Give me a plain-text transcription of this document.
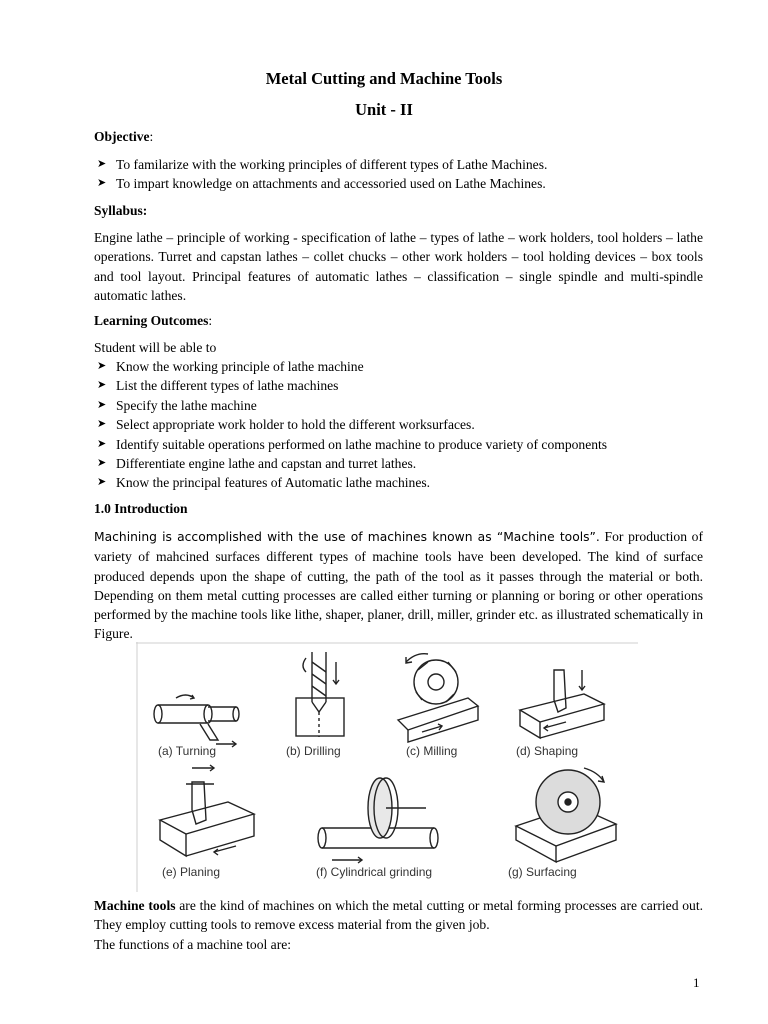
Metal Cutting and Machine Tools
Unit - II
Objective:
➤ To familarize with the working principles of different types of Lathe Machines.
➤ To impart knowledge on attachments and accessoried used on Lathe Machines.
Syllabus:
Engine lathe – principle of working - specification of lathe – types of lathe – work holders, tool holders – lathe operations. Turret and capstan lathes – collet chucks – other work holders – tool holding devices – box tools and tool layout. Principal features of automatic lathes – classification – single spindle and multi-spindle automatic lathes.
Learning Outcomes:
Student will be able to
➤ Know the working principle of lathe machine
➤ List the different types of lathe machines
➤ Specify the lathe machine
➤ Select appropriate work holder to hold the different worksurfaces.
➤ Identify suitable operations performed on lathe machine to produce variety of components
➤ Differentiate engine lathe and capstan and turret lathes.
➤ Know the principal features of Automatic lathe machines.
1.0 Introduction
Machining is accomplished with the use of machines known as “Machine tools”. For production of variety of mahcined surfaces different types of machine tools have been developed. The kind of surface produced depends upon the shape of cutting, the path of the tool as it passes through the material or both. Depending on them metal cutting processes are called either turning or planning or boring or other operations performed by the machine tools like lithe, shaper, planer, drill, miller, grinder etc. as illustrated schematically in Figure.
(a) Turning	(b) Drilling	(c) Milling	(d) Shaping
(e) Planing	(f) Cylindrical grinding	(g) Surfacing
Machine tools are the kind of machines on which the metal cutting or metal forming processes are carried out. They employ cutting tools to remove excess material from the given job.
The functions of a machine tool are:
1
